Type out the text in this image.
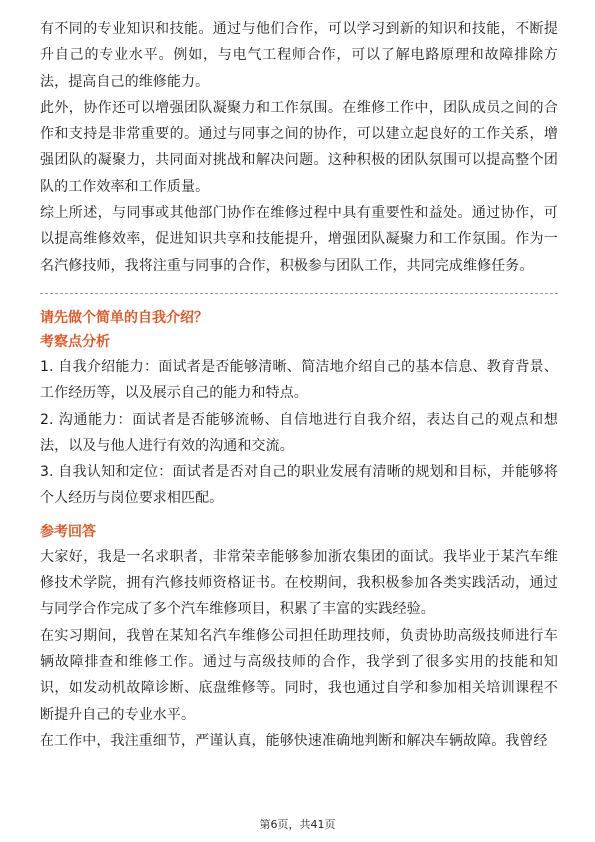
有不同的专业知识和技能。通过与他们合作，可以学习到新的知识和技能，不断提升自己的专业水平。例如，与电气工程师合作，可以了解电路原理和故障排除方法，提高自己的维修能力。

此外，协作还可以增强团队凝聚力和工作氛围。在维修工作中，团队成员之间的合作和支持是非常重要的。通过与同事之间的协作，可以建立起良好的工作关系，增强团队的凝聚力，共同面对挑战和解决问题。这种积极的团队氛围可以提高整个团队的工作效率和工作质量。

综上所述，与同事或其他部门协作在维修过程中具有重要性和益处。通过协作，可以提高维修效率，促进知识共享和技能提升，增强团队凝聚力和工作氛围。作为一名汽修技师，我将注重与同事的合作，积极参与团队工作，共同完成维修任务。

请先做个简单的自我介绍？

考察点分析

1. 自我介绍能力：面试者是否能够清晰、简洁地介绍自己的基本信息、教育背景、工作经历等，以及展示自己的能力和特点。

2. 沟通能力：面试者是否能够流畅、自信地进行自我介绍，表达自己的观点和想法，以及与他人进行有效的沟通和交流。

3. 自我认知和定位：面试者是否对自己的职业发展有清晰的规划和目标，并能够将个人经历与岗位要求相匹配。

参考回答

大家好，我是一名求职者，非常荣幸能够参加浙农集团的面试。我毕业于某汽车维修技术学院，拥有汽修技师资格证书。在校期间，我积极参加各类实践活动，通过与同学合作完成了多个汽车维修项目，积累了丰富的实践经验。

在实习期间，我曾在某知名汽车维修公司担任助理技师，负责协助高级技师进行车辆故障排查和维修工作。通过与高级技师的合作，我学到了很多实用的技能和知识，如发动机故障诊断、底盘维修等。同时，我也通过自学和参加相关培训课程不断提升自己的专业水平。

在工作中，我注重细节，严谨认真，能够快速准确地判断和解决车辆故障。我曾经

第6页，共41页
